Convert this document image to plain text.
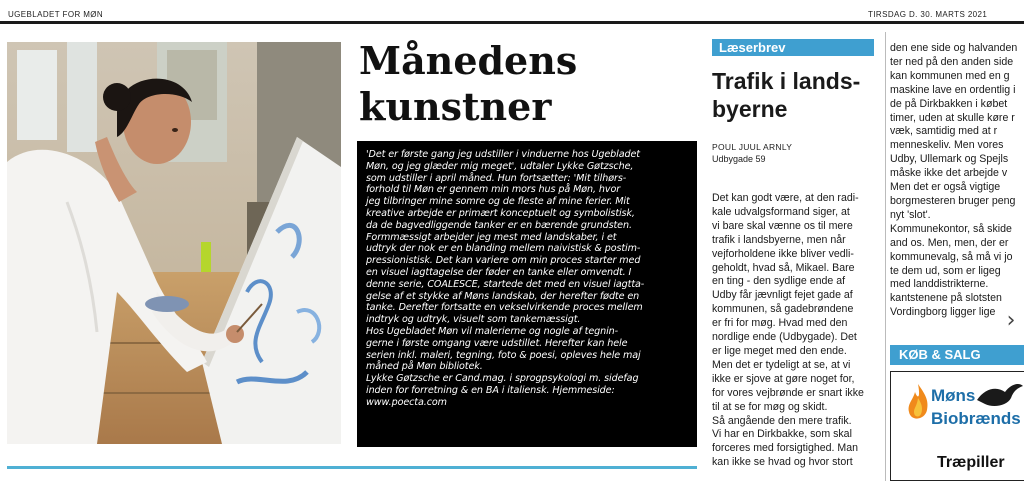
UGEBLADET FOR MØN	TIRSDAG D. 30. MARTS 2021
Månedens
kunstner

'Det er første gang jeg udstiller i vinduerne hos Ugebladet

Møn, og jeg glæder mig meget', udtaler Lykke Gøtzsche,

som udstiller i april måned. Hun fortsætter: 'Mit tilhørs-

forhold til Møn er gennem min mors hus på Møn, hvor

jeg tilbringer mine somre og de fleste af mine ferier. Mit

kreative arbejde er primært konceptuelt og symbolistisk,

da de bagvedliggende tanker er en bærende grundsten.

Formmæssigt arbejder jeg mest med landskaber, i et

udtryk der nok er en blanding mellem naivistisk & postim-

pressionistisk. Det kan variere om min proces starter med

en visuel iagttagelse der føder en tanke eller omvendt. I

denne serie, COALESCE, startede det med en visuel iagtta-

gelse af et stykke af Møns landskab, der herefter fødte en

tanke. Derefter fortsatte en vekselvirkende proces mellem

indtryk og udtryk, visuelt som tankemæssigt.

Hos Ugebladet Møn vil malerierne og nogle af tegnin-

gerne i første omgang være udstillet. Herefter kan hele

serien inkl. maleri, tegning, foto & poesi, opleves hele maj

måned på Møn bibliotek.

Lykke Gøtzsche er Cand.mag. i sprogpsykologi m. sidefag

inden for forretning & en BA i italiensk. Hjemmeside:

www.poecta.com

Læserbrev
Trafik i lands-
byerne
POUL JUUL ARNLY
Udbygade 59
Det kan godt være, at den radi-
kale udvalgsformand siger, at
vi bare skal vænne os til mere
trafik i landsbyerne, men når
vejforholdene ikke bliver vedli-
geholdt, hvad så, Mikael. Bare
en ting - den sydlige ende af
Udby får jævnligt fejet gade af
kommunen, så gadebrøndene
er fri for møg. Hvad med den
nordlige ende (Udbygade). Det
er lige meget med den ende.
Men det er tydeligt at se, at vi
ikke er sjove at gøre noget for,
for vores vejbrønde er snart ikke
til at se for møg og skidt.
Så angående den mere trafik.
Vi har en Dirkbakke, som skal
forceres med forsigtighed. Man
kan ikke se hvad og hvor stort
den ene side og halvanden
ter ned på den anden side
kan kommunen med en g
maskine lave en ordentlig i
de på Dirkbakken i købet
timer, uden at skulle køre r
væk, samtidig med at r
menneskeliv. Men vores
Udby, Ullemark og Spejls
måske ikke det arbejde v
Men det er også vigtige
borgmesteren bruger peng
nyt 'slot'.
Kommunekontor, så skide
and os. Men, men, der er
kommunevalg, så må vi jo
te dem ud, som er ligeg
med landdistrikterne.
kantstenene på slotsten
Vordingborg ligger lige ›
KØB & SALG
Møns
Biobrænds
Træpiller
